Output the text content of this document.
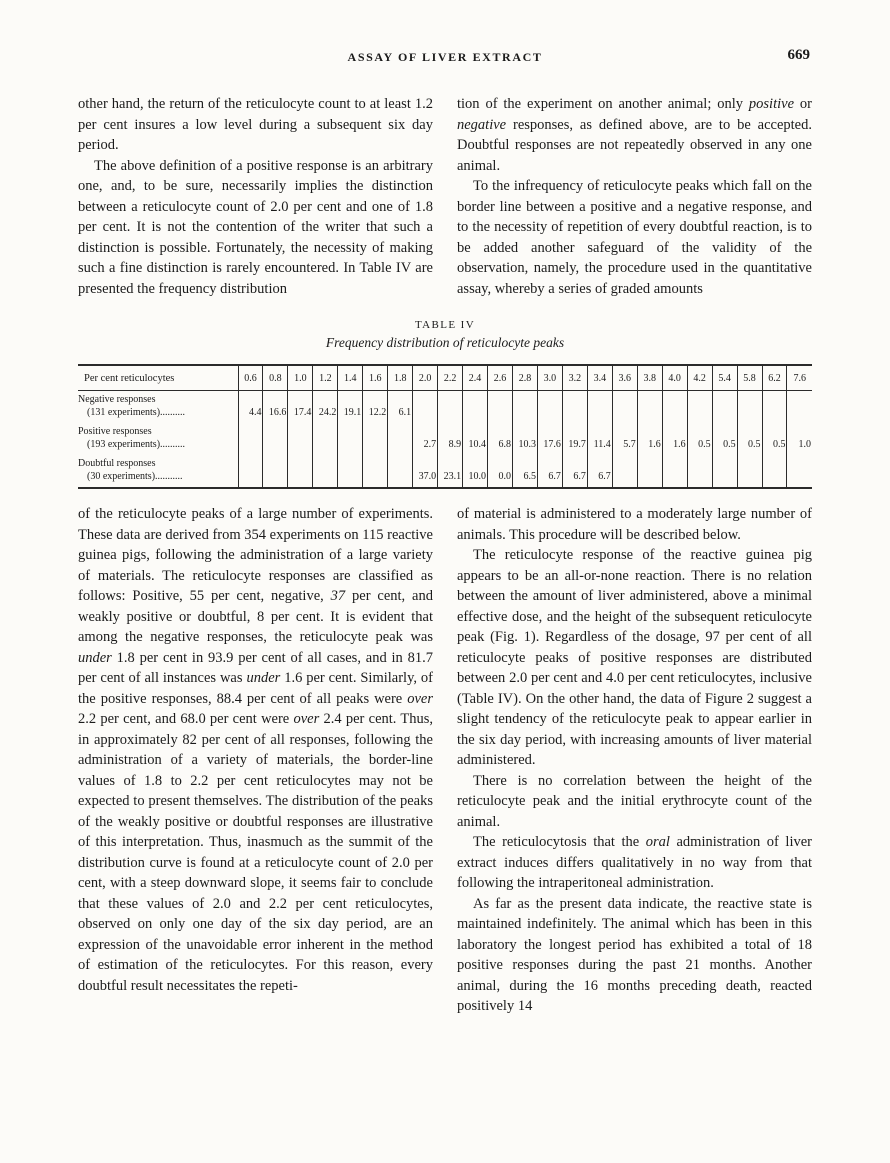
ASSAY OF LIVER EXTRACT	669

other hand, the return of the reticulocyte count to at least 1.2 per cent insures a low level during a subsequent six day period.

The above definition of a positive response is an arbitrary one, and, to be sure, necessarily implies the distinction between a reticulocyte count of 2.0 per cent and one of 1.8 per cent. It is not the contention of the writer that such a distinction is possible. Fortunately, the necessity of making such a fine distinction is rarely encountered. In Table IV are presented the frequency distribution

tion of the experiment on another animal; only positive or negative responses, as defined above, are to be accepted. Doubtful responses are not repeatedly observed in any one animal.

To the infrequency of reticulocyte peaks which fall on the border line between a positive and a negative response, and to the necessity of repetition of every doubtful reaction, is to be added another safeguard of the validity of the observation, namely, the procedure used in the quantitative assay, whereby a series of graded amounts

TABLE IV
Frequency distribution of reticulocyte peaks
Per cent reticulocytes	0.6	0.8	1.0	1.2	1.4	1.6	1.8	2.0	2.2	2.4	2.6	2.8	3.0	3.2	3.4	3.6	3.8	4.0	4.2	5.4	5.8	6.2	7.6

Negative responses
(131 experiments)..........	4.4	16.6	17.4	24.2	19.1	12.2	6.1																

Positive responses
(193 experiments)..........								2.7	8.9	10.4	6.8	10.3	17.6	19.7	11.4	5.7	1.6	1.6	0.5	0.5	0.5	0.5	1.0

Doubtful responses
(30 experiments)...........								37.0	23.1	10.0	0.0	6.5	6.7	6.7	6.7								

of the reticulocyte peaks of a large number of experiments. These data are derived from 354 experiments on 115 reactive guinea pigs, following the administration of a large variety of materials. The reticulocyte responses are classified as follows: Positive, 55 per cent, negative, 37 per cent, and weakly positive or doubtful, 8 per cent. It is evident that among the negative responses, the reticulocyte peak was under 1.8 per cent in 93.9 per cent of all cases, and in 81.7 per cent of all instances was under 1.6 per cent. Similarly, of the positive responses, 88.4 per cent of all peaks were over 2.2 per cent, and 68.0 per cent were over 2.4 per cent. Thus, in approximately 82 per cent of all responses, following the administration of a variety of materials, the border-line values of 1.8 to 2.2 per cent reticulocytes may not be expected to present themselves. The distribution of the peaks of the weakly positive or doubtful responses are illustrative of this interpretation. Thus, inasmuch as the summit of the distribution curve is found at a reticulocyte count of 2.0 per cent, with a steep downward slope, it seems fair to conclude that these values of 2.0 and 2.2 per cent reticulocytes, observed on only one day of the six day period, are an expression of the unavoidable error inherent in the method of estimation of the reticulocytes. For this reason, every doubtful result necessitates the repeti-

of material is administered to a moderately large number of animals. This procedure will be described below.

The reticulocyte response of the reactive guinea pig appears to be an all-or-none reaction. There is no relation between the amount of liver administered, above a minimal effective dose, and the height of the subsequent reticulocyte peak (Fig. 1). Regardless of the dosage, 97 per cent of all reticulocyte peaks of positive responses are distributed between 2.0 per cent and 4.0 per cent reticulocytes, inclusive (Table IV). On the other hand, the data of Figure 2 suggest a slight tendency of the reticulocyte peak to appear earlier in the six day period, with increasing amounts of liver material administered.

There is no correlation between the height of the reticulocyte peak and the initial erythrocyte count of the animal.

The reticulocytosis that the oral administration of liver extract induces differs qualitatively in no way from that following the intraperitoneal administration.

As far as the present data indicate, the reactive state is maintained indefinitely. The animal which has been in this laboratory the longest period has exhibited a total of 18 positive responses during the past 21 months. Another animal, during the 16 months preceding death, reacted positively 14
